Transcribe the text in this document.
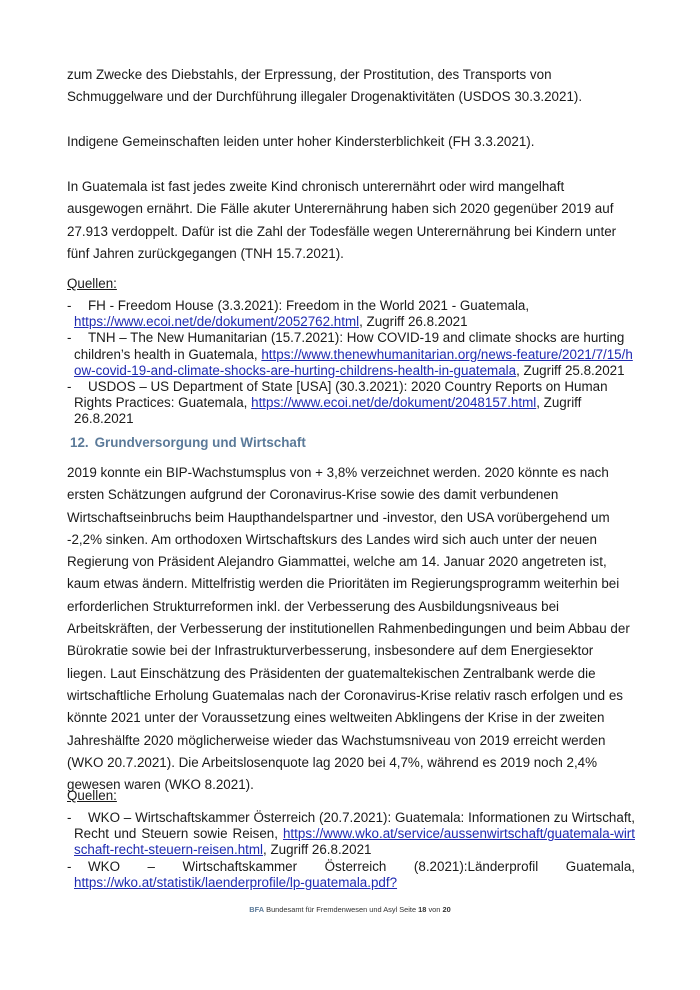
zum Zwecke des Diebstahls, der Erpressung, der Prostitution, des Transports von Schmuggelware und der Durchführung illegaler Drogenaktivitäten (USDOS 30.3.2021).

Indigene Gemeinschaften leiden unter hoher Kindersterblichkeit (FH 3.3.2021).

In Guatemala ist fast jedes zweite Kind chronisch unterernährt oder wird mangelhaft ausgewogen ernährt. Die Fälle akuter Unterernährung haben sich 2020 gegenüber 2019 auf 27.913 verdoppelt. Dafür ist die Zahl der Todesfälle wegen Unterernährung bei Kindern unter fünf Jahren zurückgegangen (TNH 15.7.2021).

Quellen:

-	FH - Freedom House (3.3.2021): Freedom in the World 2021 - Guatemala, https://www.ecoi.net/de/dokument/2052762.html, Zugriff 26.8.2021
-	TNH – The New Humanitarian (15.7.2021): How COVID-19 and climate shocks are hurting children’s health in Guatemala, https://www.thenewhumanitarian.org/news-feature/2021/7/15/how-covid-19-and-climate-shocks-are-hurting-childrens-health-in-guatemala, Zugriff 25.8.2021
-	USDOS – US Department of State [USA] (30.3.2021): 2020 Country Reports on Human Rights Practices: Guatemala, https://www.ecoi.net/de/dokument/2048157.html, Zugriff 26.8.2021
12. Grundversorgung und Wirtschaft

2019 konnte ein BIP-Wachstumsplus von + 3,8% verzeichnet werden. 2020 könnte es nach ersten Schätzungen aufgrund der Coronavirus-Krise sowie des damit verbundenen Wirtschaftseinbruchs beim Haupthandelspartner und -investor, den USA vorübergehend um -2,2% sinken. Am orthodoxen Wirtschaftskurs des Landes wird sich auch unter der neuen Regierung von Präsident Alejandro Giammattei, welche am 14. Januar 2020 angetreten ist, kaum etwas ändern. Mittelfristig werden die Prioritäten im Regierungsprogramm weiterhin bei erforderlichen Strukturreformen inkl. der Verbesserung des Ausbildungsniveaus bei Arbeitskräften, der Verbesserung der institutionellen Rahmenbedingungen und beim Abbau der Bürokratie sowie bei der Infrastrukturverbesserung, insbesondere auf dem Energiesektor liegen. Laut Einschätzung des Präsidenten der guatemaltekischen Zentralbank werde die wirtschaftliche Erholung Guatemalas nach der Coronavirus-Krise relativ rasch erfolgen und es könnte 2021 unter der Voraussetzung eines weltweiten Abklingens der Krise in der zweiten Jahreshälfte 2020 möglicherweise wieder das Wachstumsniveau von 2019 erreicht werden (WKO 20.7.2021). Die Arbeitslosenquote lag 2020 bei 4,7%, während es 2019 noch 2,4% gewesen waren (WKO 8.2021).

Quellen:

-	WKO – Wirtschaftskammer Österreich (20.7.2021): Guatemala: Informationen zu Wirtschaft, Recht und Steuern sowie Reisen, https://www.wko.at/service/aussenwirtschaft/guatemala-wirtschaft-recht-steuern-reisen.html, Zugriff 26.8.2021
-	WKO – Wirtschaftskammer Österreich (8.2021):Länderprofil Guatemala, https://wko.at/statistik/laenderprofile/lp-guatemala.pdf?
BFA Bundesamt für Fremdenwesen und Asyl Seite 18 von 20
